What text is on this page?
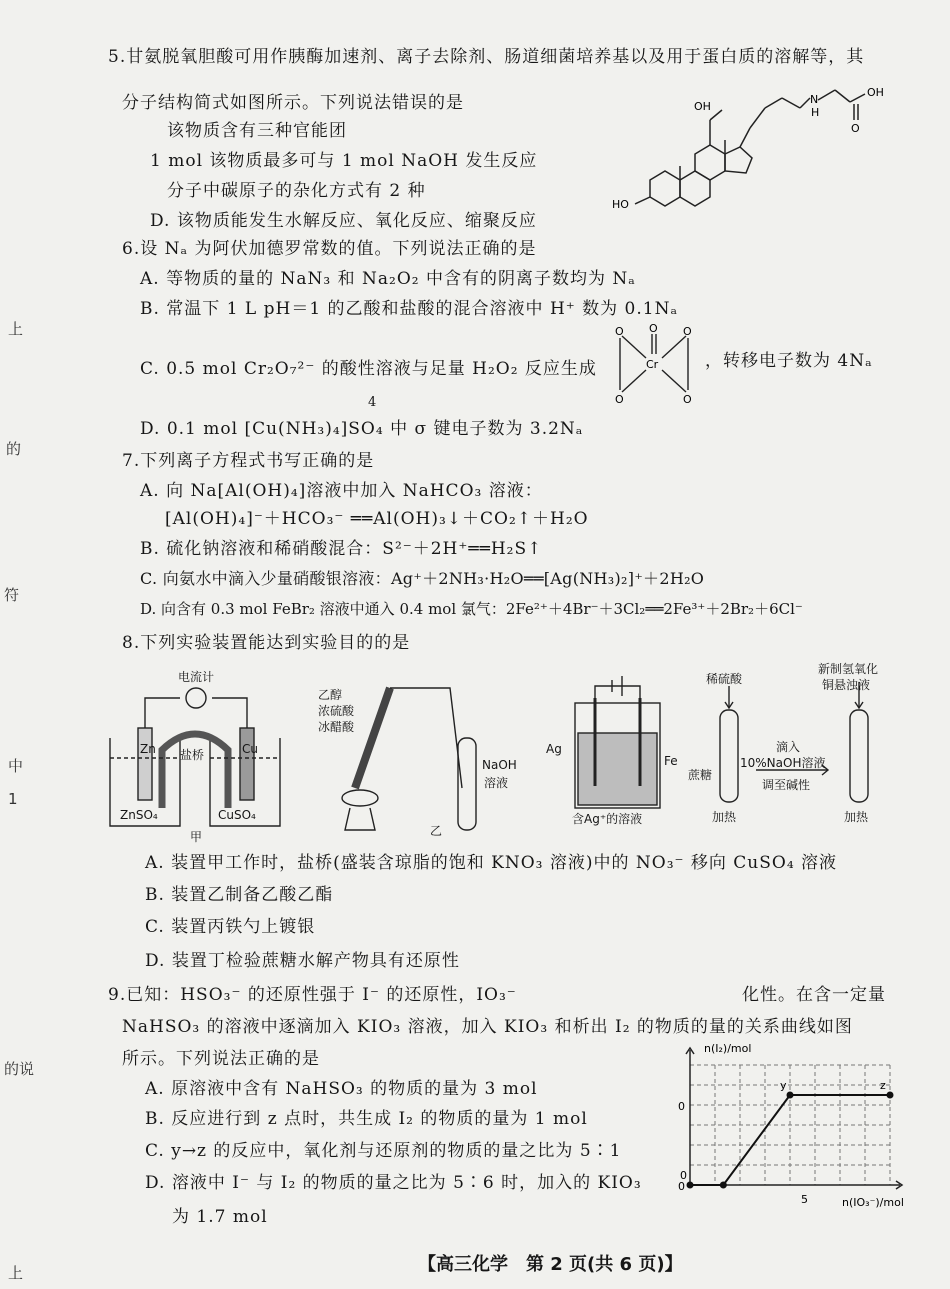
上
的
符
中
1
的说
上
5.甘氨脱氧胆酸可用作胰酶加速剂、离子去除剂、肠道细菌培养基以及用于蛋白质的溶解等，其
分子结构简式如图所示。下列说法错误的是
该物质含有三种官能团
1 mol 该物质最多可与 1 mol NaOH 发生反应
分子中碳原子的杂化方式有 2 种
D. 该物质能发生水解反应、氧化反应、缩聚反应
OH
N
H
OH
O
HO
6.设 Nₐ 为阿伏加德罗常数的值。下列说法正确的是
A. 等物质的量的 NaN₃ 和 Na₂O₂ 中含有的阴离子数均为 Nₐ
B. 常温下 1 L pH＝1 的乙酸和盐酸的混合溶液中 H⁺ 数为 0.1Nₐ
C. 0.5 mol Cr₂O₇²⁻ 的酸性溶液与足量 H₂O₂ 反应生成
O	O
O
O	O
Cr	，转移电子数为 4Nₐ
4
D. 0.1 mol [Cu(NH₃)₄]SO₄ 中 σ 键电子数为 3.2Nₐ
7.下列离子方程式书写正确的是
A. 向 Na[Al(OH)₄]溶液中加入 NaHCO₃ 溶液：
[Al(OH)₄]⁻＋HCO₃⁻ ══Al(OH)₃↓＋CO₂↑＋H₂O
B. 硫化钠溶液和稀硝酸混合：S²⁻＋2H⁺══H₂S↑
C. 向氨水中滴入少量硝酸银溶液：Ag⁺＋2NH₃·H₂O══[Ag(NH₃)₂]⁺＋2H₂O
D. 向含有 0.3 mol FeBr₂ 溶液中通入 0.4 mol 氯气：2Fe²⁺＋4Br⁻＋3Cl₂══2Fe³⁺＋2Br₂＋6Cl⁻
8.下列实验装置能达到实验目的的是
电流计
盐桥
Zn	Cu
ZnSO₄	CuSO₄
甲
乙醇
浓硫酸
冰醋酸
NaOH
溶液
乙
Ag
Fe
含Ag⁺的溶液
稀硫酸
蔗糖
加热
滴入
10%NaOH溶液
调至碱性
新制氢氧化
铜悬浊液
加热
A. 装置甲工作时，盐桥(盛装含琼脂的饱和 KNO₃ 溶液)中的 NO₃⁻ 移向 CuSO₄ 溶液
B. 装置乙制备乙酸乙酯
C. 装置丙铁勺上镀银
D. 装置丁检验蔗糖水解产物具有还原性
9.已知：HSO₃⁻ 的还原性强于 I⁻ 的还原性，IO₃⁻	化性。在含一定量
NaHSO₃ 的溶液中逐滴加入 KIO₃ 溶液，加入 KIO₃ 和析出 I₂ 的物质的量的关系曲线如图
所示。下列说法正确的是
A. 原溶液中含有 NaHSO₃ 的物质的量为 3 mol
B. 反应进行到 z 点时，共生成 I₂ 的物质的量为 1 mol
C. y→z 的反应中，氧化剂与还原剂的物质的量之比为 5∶1
D. 溶液中 I⁻ 与 I₂ 的物质的量之比为 5∶6 时，加入的 KIO₃
为 1.7 mol
0
y	z
n(I₂)/mol
n(IO₃⁻)/mol
0
0
5
【高三化学　第 2 页(共 6 页)】
